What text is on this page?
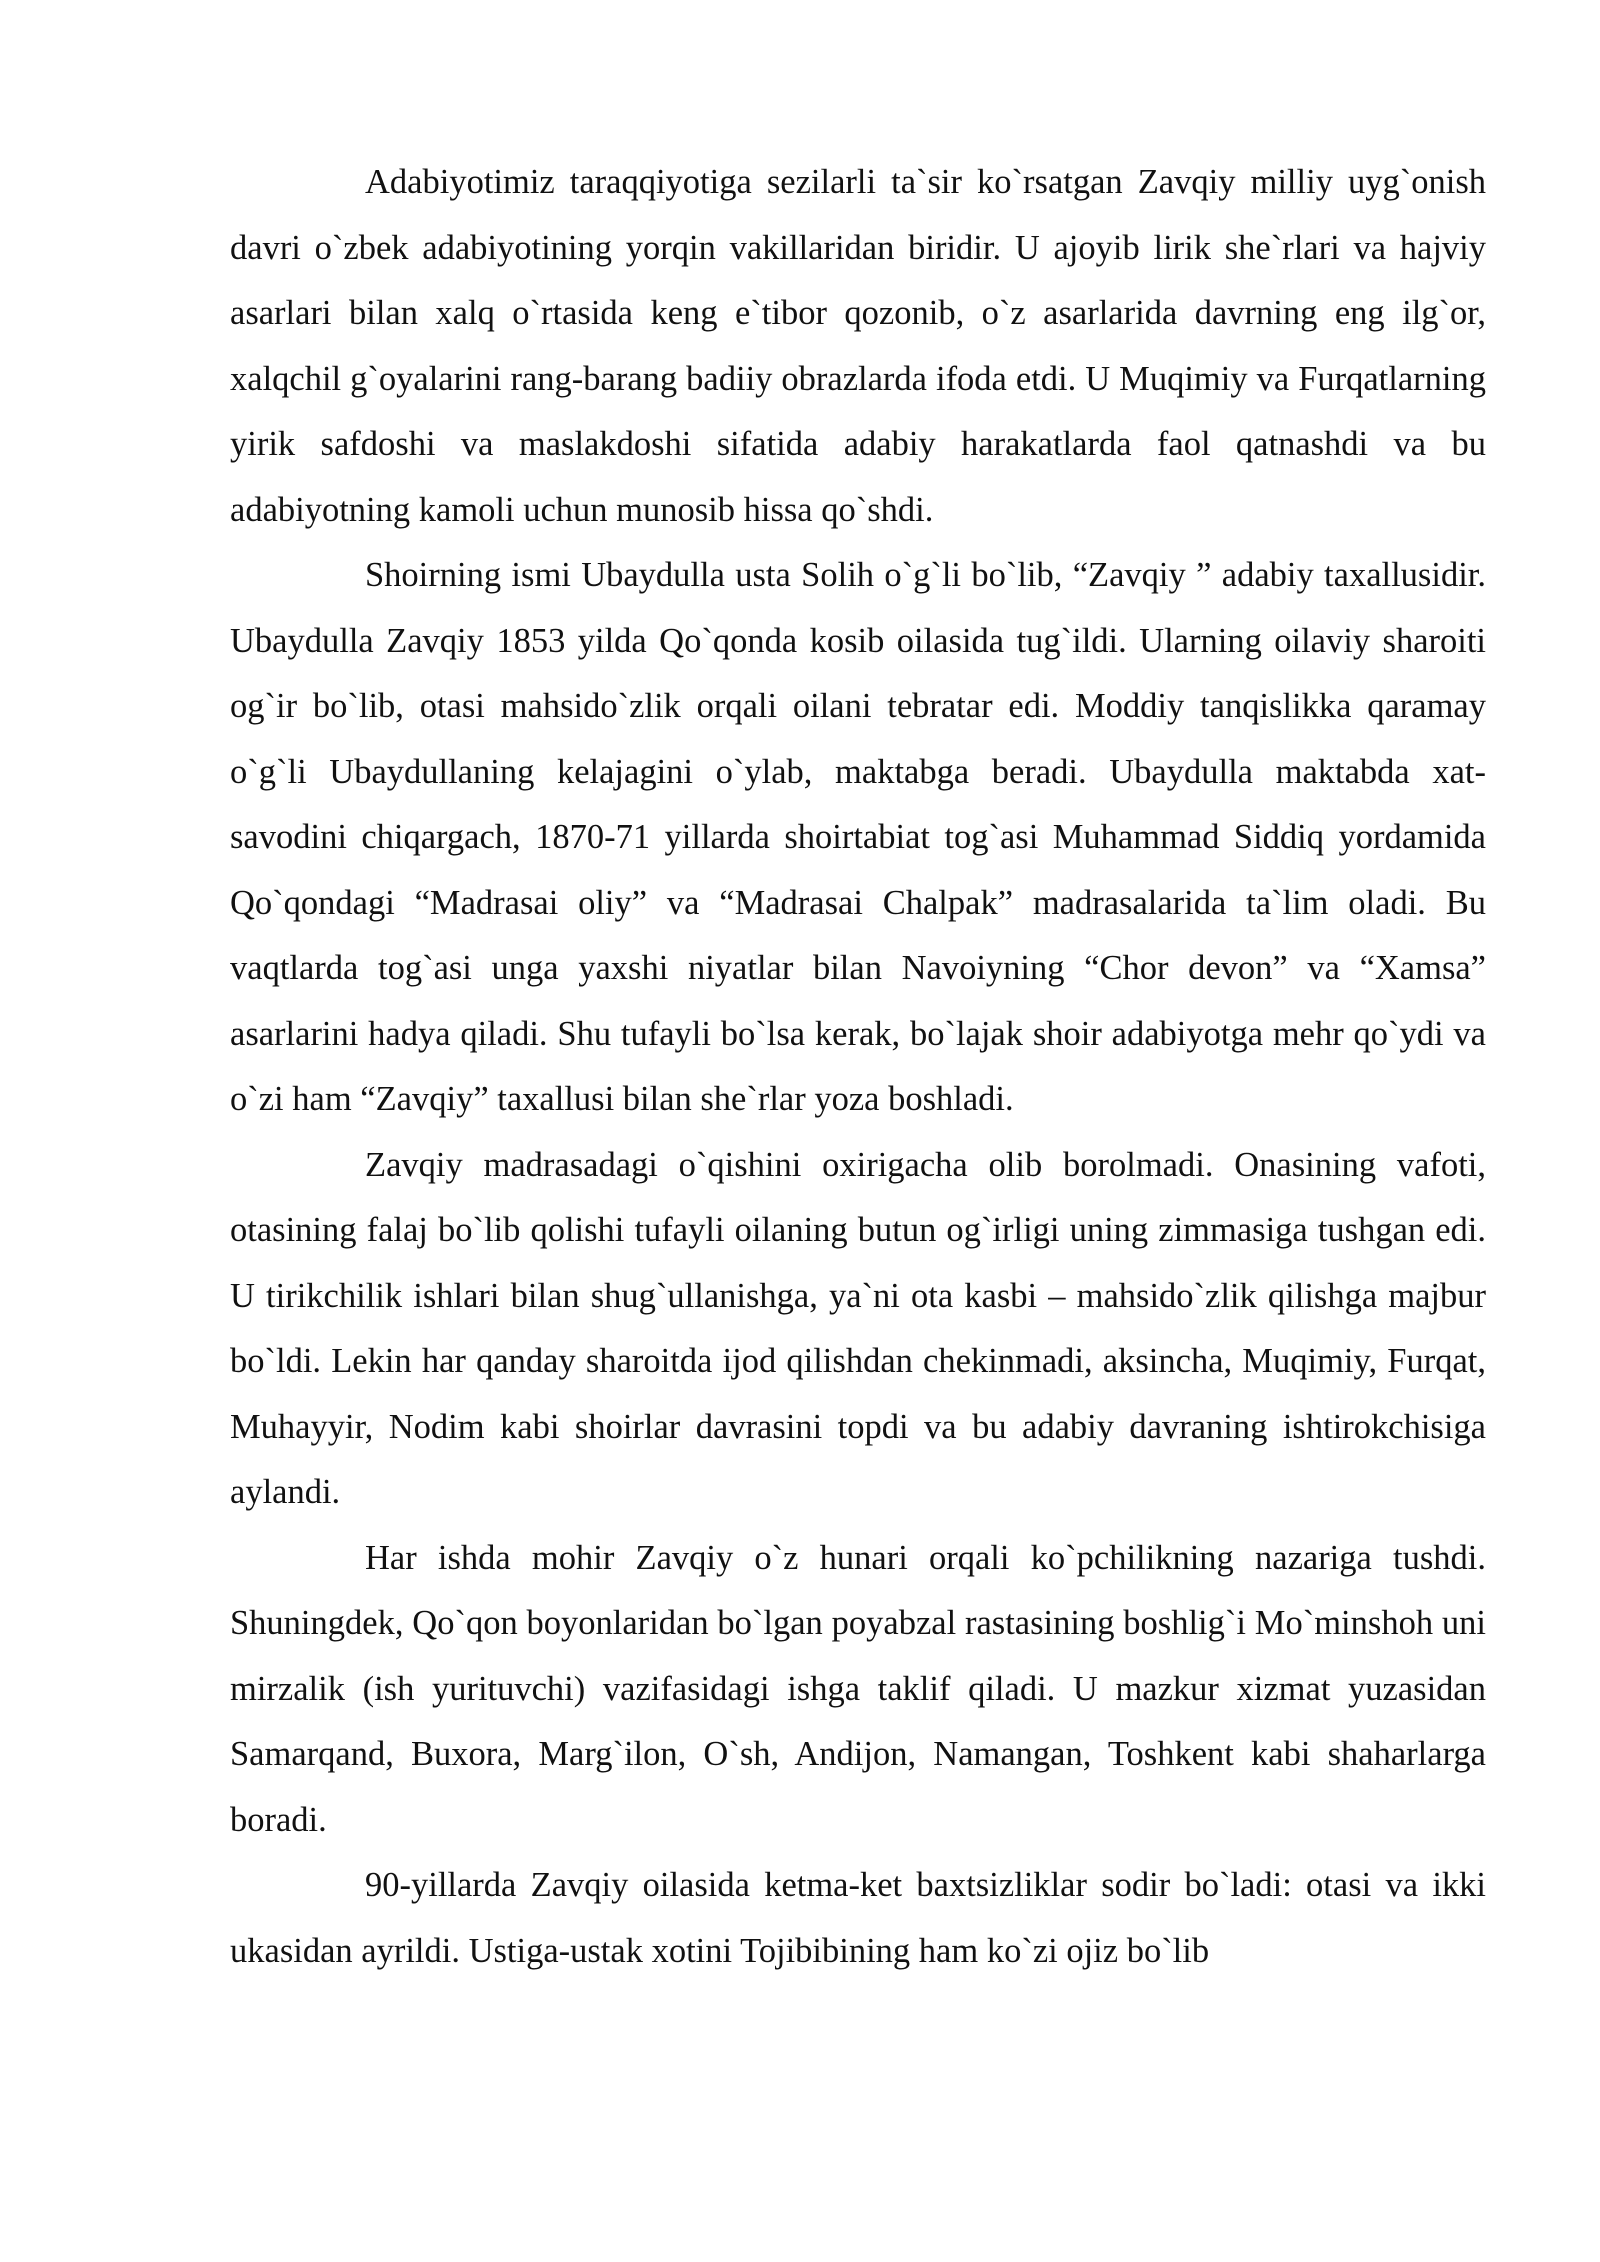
Adabiyotimiz taraqqiyotiga sezilarli ta`sir ko`rsatgan Zavqiy milliy uyg`onish davri o`zbek adabiyotining yorqin vakillaridan biridir. U ajoyib lirik she`rlari va hajviy asarlari bilan xalq o`rtasida keng e`tibor qozonib, o`z asarlarida davrning eng ilg`or, xalqchil g`oyalarini rang-barang badiiy obrazlarda ifoda etdi. U Muqimiy va Furqatlarning yirik safdoshi va maslakdoshi sifatida adabiy harakatlarda faol qatnashdi va bu adabiyotning kamoli uchun munosib hissa qo`shdi.

Shoirning ismi Ubaydulla usta Solih o`g`li bo`lib, “Zavqiy ” adabiy taxallusidir. Ubaydulla Zavqiy 1853 yilda Qo`qonda kosib oilasida tug`ildi. Ularning oilaviy sharoiti og`ir bo`lib, otasi mahsido`zlik orqali oilani tebratar edi. Moddiy tanqislikka qaramay o`g`li Ubaydullaning kelajagini o`ylab, maktabga beradi. Ubaydulla maktabda xat-savodini chiqargach, 1870-71 yillarda shoirtabiat tog`asi Muhammad Siddiq yordamida Qo`qondagi “Madrasai oliy” va “Madrasai Chalpak” madrasalarida ta`lim oladi. Bu vaqtlarda tog`asi unga yaxshi niyatlar bilan Navoiyning “Chor devon” va “Xamsa” asarlarini hadya qiladi. Shu tufayli bo`lsa kerak, bo`lajak shoir adabiyotga mehr qo`ydi va o`zi ham “Zavqiy” taxallusi bilan she`rlar yoza boshladi.

Zavqiy madrasadagi o`qishini oxirigacha olib borolmadi. Onasining vafoti, otasining falaj bo`lib qolishi tufayli oilaning butun og`irligi uning zimmasiga tushgan edi. U tirikchilik ishlari bilan shug`ullanishga, ya`ni ota kasbi – mahsido`zlik qilishga majbur bo`ldi. Lekin har qanday sharoitda ijod qilishdan chekinmadi, aksincha, Muqimiy, Furqat, Muhayyir, Nodim kabi shoirlar davrasini topdi va bu adabiy davraning ishtirokchisiga aylandi.

Har ishda mohir Zavqiy o`z hunari orqali ko`pchilikning nazariga tushdi. Shuningdek, Qo`qon boyonlaridan bo`lgan poyabzal rastasining boshlig`i Mo`minshoh uni mirzalik (ish yurituvchi) vazifasidagi ishga taklif qiladi. U mazkur xizmat yuzasidan Samarqand, Buxora, Marg`ilon, O`sh, Andijon, Namangan, Toshkent kabi shaharlarga boradi.

90-yillarda Zavqiy oilasida ketma-ket baxtsizliklar sodir bo`ladi: otasi va ikki ukasidan ayrildi. Ustiga-ustak xotini Tojibibining ham ko`zi ojiz bo`lib
